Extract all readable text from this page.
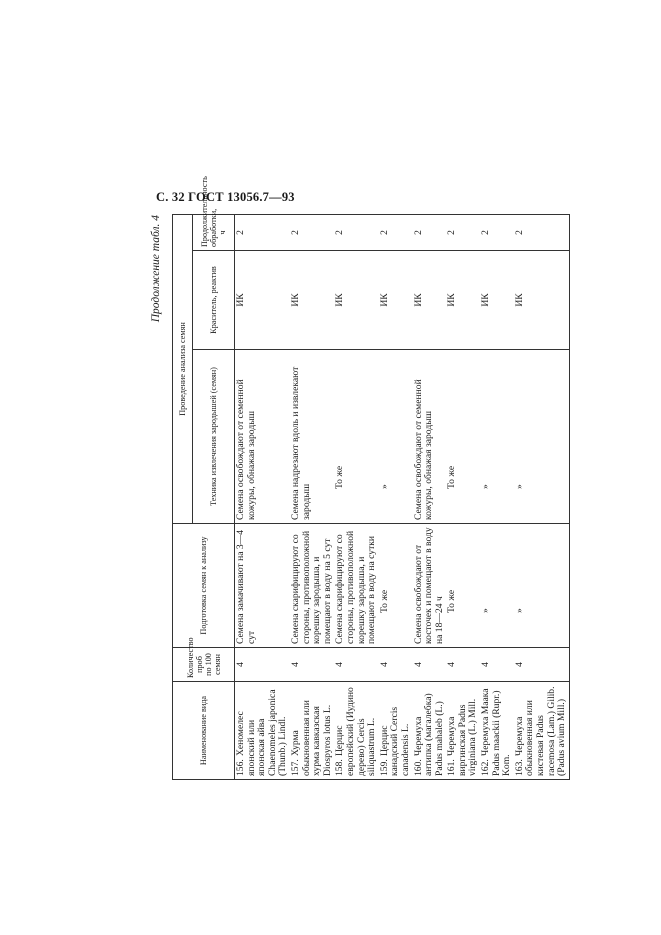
С. 32 ГОСТ 13056.7—93
Продолжение табл. 4
Наименование вида	Количество проб по 100 семян	Подготовка семян к анализу	Проведение анализа семян		
			Техника извлечения зародышей (семян)	Краситель, реактив	Продолжительность обработки, ч
156.Хеномелес японский или японская айва Chaenomeles japonica (Thunb.) Lindl.	4	Семена замачивают на 3—4 сут	Семена освобождают от семенной кожуры, обнажая зародыш	ИК	2
157.Хурма обыкновенная или хурма кавказская Diospyros lotus L.	4	Семена скарифицируют со стороны, противоположной корешку зародыша, и помещают в воду на 5 сут	Семена надрезают вдоль и извлекают зародыш	ИК	2
158.Церцис европейский (Иудино дерево) Cercis siliquastrum L.	4	Семена скарифицируют со стороны, противоположной корешку зародыша, и помещают в воду на сутки	То же	ИК	2
159.Церцис канадский Cercis canadensis L.	4	То же	»	ИК	2
160.Черемуха антипка (магалебка) Padus mahaleb (L.)	4	Семена освобождают от косточек и помещают в воду на 18—24 ч	Семена освобождают от семенной кожуры, обнажая зародыш	ИК	2
161.Черемуха виргинская Padus virginiana (L.) Mill.	4	То же	То же	ИК	2
162.Черемуха Маака Padus maackii (Rupr.) Kom.	4	»	»	ИК	2
163.Черемуха обыкновенная или кистевая Padus racemosa (Lam.) Gilib. (Padus avium Mill.)	4	»	»	ИК	2
